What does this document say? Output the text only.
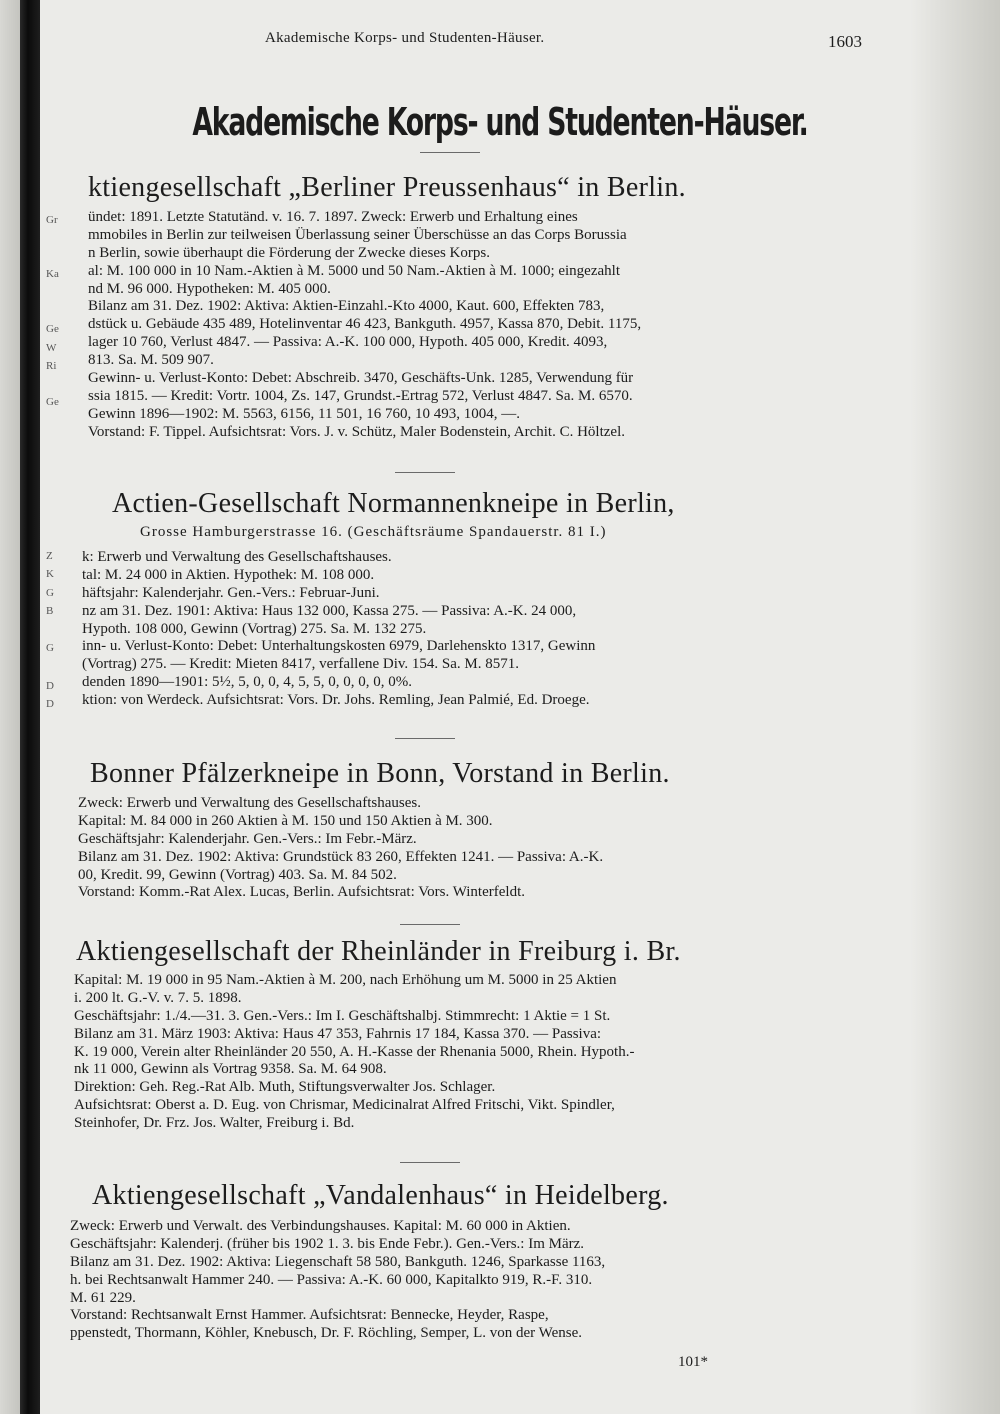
Akademische Korps- und Studenten-Häuser.	1603
Akademische Korps- und Studenten-Häuser.
Gr
Ka
Ge
W
Ri
Ge
Z
K
G
B
G
D
D
ktiengesellschaft „Berliner Preussenhaus“ in Berlin.
ündet: 1891. Letzte Statutänd. v. 16. 7. 1897. Zweck: Erwerb und Erhaltung eines
mmobiles in Berlin zur teilweisen Überlassung seiner Überschüsse an das Corps Borussia
n Berlin, sowie überhaupt die Förderung der Zwecke dieses Korps.
al: M. 100 000 in 10 Nam.-Aktien à M. 5000 und 50 Nam.-Aktien à M. 1000; eingezahlt
nd M. 96 000. Hypotheken: M. 405 000.
Bilanz am 31. Dez. 1902: Aktiva: Aktien-Einzahl.-Kto 4000, Kaut. 600, Effekten 783,
dstück u. Gebäude 435 489, Hotelinventar 46 423, Bankguth. 4957, Kassa 870, Debit. 1175,
lager 10 760, Verlust 4847. — Passiva: A.-K. 100 000, Hypoth. 405 000, Kredit. 4093,
813. Sa. M. 509 907.
Gewinn- u. Verlust-Konto: Debet: Abschreib. 3470, Geschäfts-Unk. 1285, Verwendung für
ssia 1815. — Kredit: Vortr. 1004, Zs. 147, Grundst.-Ertrag 572, Verlust 4847. Sa. M. 6570.
Gewinn 1896—1902: M. 5563, 6156, 11 501, 16 760, 10 493, 1004, —.
Vorstand: F. Tippel. Aufsichtsrat: Vors. J. v. Schütz, Maler Bodenstein, Archit. C. Höltzel.
Actien-Gesellschaft Normannenkneipe in Berlin,
Grosse Hamburgerstrasse 16. (Geschäftsräume Spandauerstr. 81 I.)
k: Erwerb und Verwaltung des Gesellschaftshauses.
tal: M. 24 000 in Aktien. Hypothek: M. 108 000.
häftsjahr: Kalenderjahr. Gen.-Vers.: Februar-Juni.
nz am 31. Dez. 1901: Aktiva: Haus 132 000, Kassa 275. — Passiva: A.-K. 24 000,
Hypoth. 108 000, Gewinn (Vortrag) 275. Sa. M. 132 275.
inn- u. Verlust-Konto: Debet: Unterhaltungskosten 6979, Darlehenskto 1317, Gewinn
(Vortrag) 275. — Kredit: Mieten 8417, verfallene Div. 154. Sa. M. 8571.
denden 1890—1901: 5½, 5, 0, 0, 4, 5, 5, 0, 0, 0, 0, 0%.
ktion: von Werdeck. Aufsichtsrat: Vors. Dr. Johs. Remling, Jean Palmié, Ed. Droege.
Bonner Pfälzerkneipe in Bonn, Vorstand in Berlin.
Zweck: Erwerb und Verwaltung des Gesellschaftshauses.
Kapital: M. 84 000 in 260 Aktien à M. 150 und 150 Aktien à M. 300.
Geschäftsjahr: Kalenderjahr. Gen.-Vers.: Im Febr.-März.
Bilanz am 31. Dez. 1902: Aktiva: Grundstück 83 260, Effekten 1241. — Passiva: A.-K.
00, Kredit. 99, Gewinn (Vortrag) 403. Sa. M. 84 502.
Vorstand: Komm.-Rat Alex. Lucas, Berlin. Aufsichtsrat: Vors. Winterfeldt.
Aktiengesellschaft der Rheinländer in Freiburg i. Br.
Kapital: M. 19 000 in 95 Nam.-Aktien à M. 200, nach Erhöhung um M. 5000 in 25 Aktien
i. 200 lt. G.-V. v. 7. 5. 1898.
Geschäftsjahr: 1./4.—31. 3. Gen.-Vers.: Im I. Geschäftshalbj. Stimmrecht: 1 Aktie = 1 St.
Bilanz am 31. März 1903: Aktiva: Haus 47 353, Fahrnis 17 184, Kassa 370. — Passiva:
K. 19 000, Verein alter Rheinländer 20 550, A. H.-Kasse der Rhenania 5000, Rhein. Hypoth.-
nk 11 000, Gewinn als Vortrag 9358. Sa. M. 64 908.
Direktion: Geh. Reg.-Rat Alb. Muth, Stiftungsverwalter Jos. Schlager.
Aufsichtsrat: Oberst a. D. Eug. von Chrismar, Medicinalrat Alfred Fritschi, Vikt. Spindler,
Steinhofer, Dr. Frz. Jos. Walter, Freiburg i. Bd.
Aktiengesellschaft „Vandalenhaus“ in Heidelberg.
Zweck: Erwerb und Verwalt. des Verbindungshauses. Kapital: M. 60 000 in Aktien.
Geschäftsjahr: Kalenderj. (früher bis 1902 1. 3. bis Ende Febr.). Gen.-Vers.: Im März.
Bilanz am 31. Dez. 1902: Aktiva: Liegenschaft 58 580, Bankguth. 1246, Sparkasse 1163,
h. bei Rechtsanwalt Hammer 240. — Passiva: A.-K. 60 000, Kapitalkto 919, R.-F. 310.
M. 61 229.
Vorstand: Rechtsanwalt Ernst Hammer. Aufsichtsrat: Bennecke, Heyder, Raspe,
ppenstedt, Thormann, Köhler, Knebusch, Dr. F. Röchling, Semper, L. von der Wense.
101*
